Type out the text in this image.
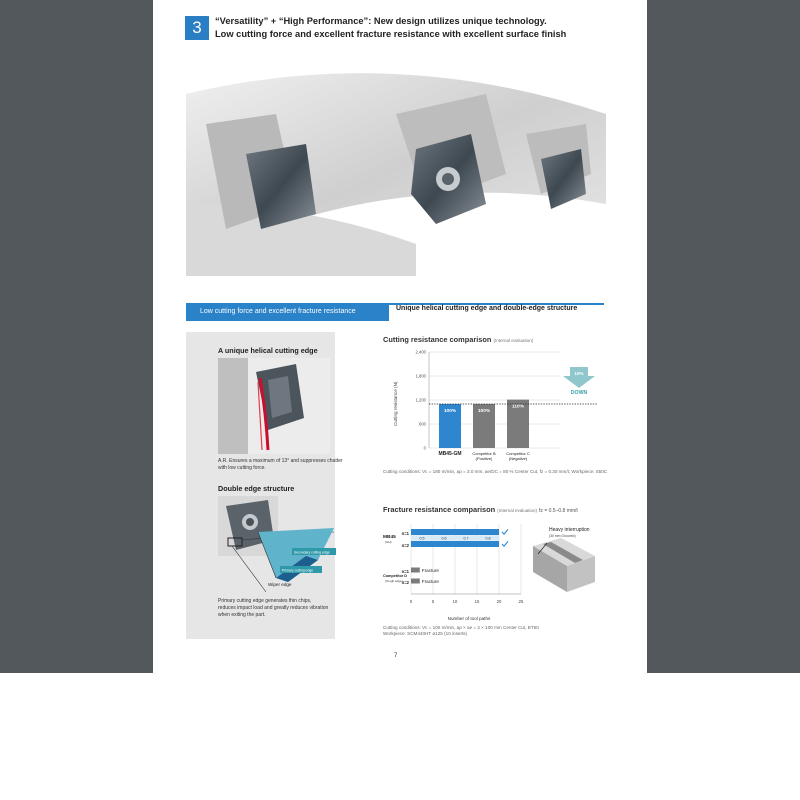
3	“Versatility” + “High Performance”: New design utilizes unique technology.
Low cutting force and excellent fracture resistance with excellent surface finish
Low cutting force and excellent fracture resistance	Unique helical cutting edge and double-edge structure
A unique helical cutting edge
A.R. Ensures a maximum of 13° and suppresses chatter with low cutting force.
Double edge structure
Secondary cutting edge
Primary cutting edge
Wiper edge
Primary cutting edge generates thin chips, reduces impact load and greatly reduces vibration when exiting the part.
Cutting resistance comparison (Internal evaluation)
Cutting resistance (N)
0
600
1,200
1,800
2,400
100%	100%
110%
MB45-GM	Competitor B
(Positive)
Competitor C
(Negative)
10%
DOWN
Cutting conditions: Vc = 180 m/min, ap = 3.0 mm, ae/DC = 80 % Center Cut, fz = 0.30 mm/t, Workpiece: S50C
Fracture resistance comparison (Internal evaluation) fz = 0.5–0.8 mm/t
0	5	10	15	20	25
MB45
(GH)
n=1
n=2
0.5	0.6	0.7	0.8
Competitor D
(Tough edge)
n=1	Fracture
n=2	Fracture
Number of tool paths
Heavy interruption
(30 mm Grooved)
Cutting conditions: Vc = 100 m/min, ap × ae = 2 × 100 mm Center Cut, BT50
Workpiece: SCM440HT ø125 (10 inserts)
7
